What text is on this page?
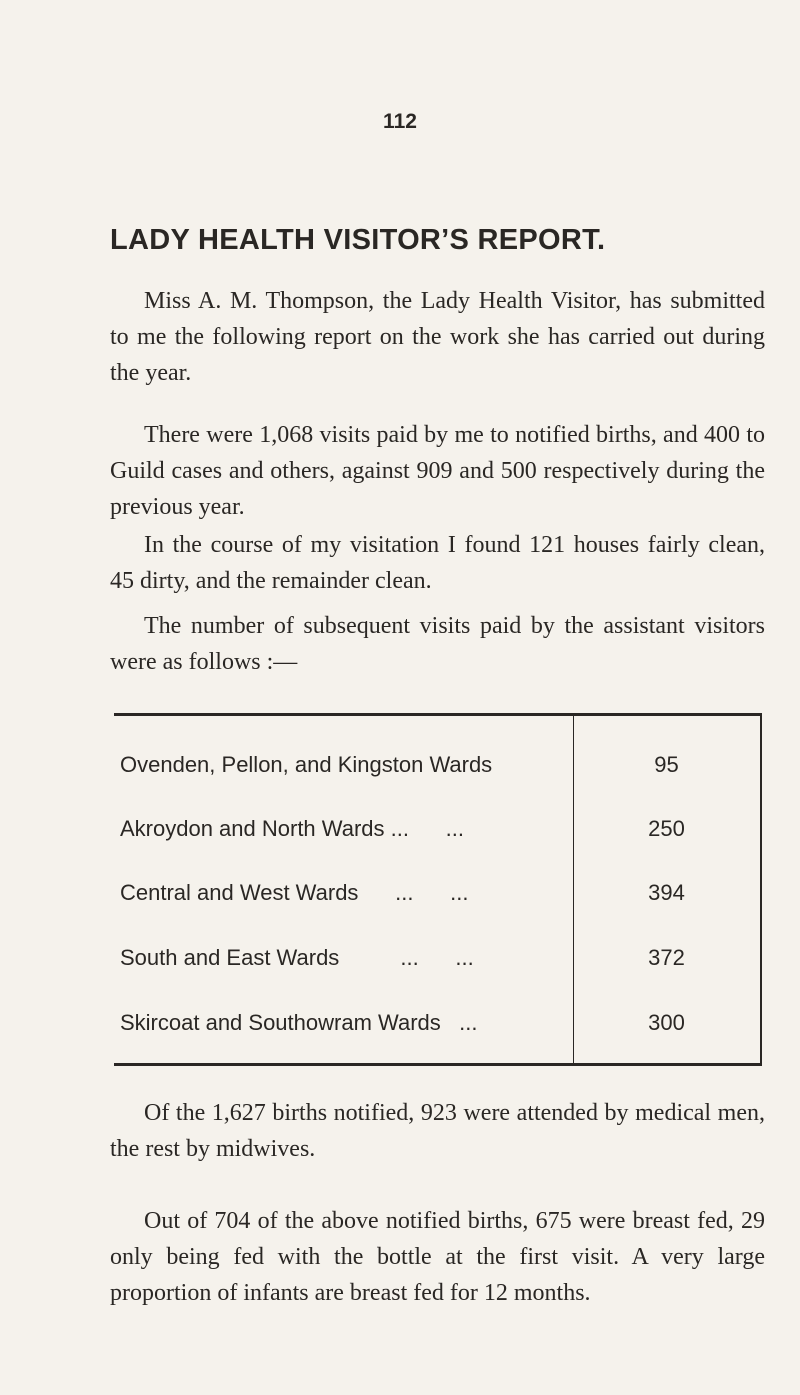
112
LADY HEALTH VISITOR’S REPORT.

Miss A. M. Thompson, the Lady Health Visitor, has submitted to me the following report on the work she has carried out during the year.

There were 1,068 visits paid by me to notified births, and 400 to Guild cases and others, against 909 and 500 respectively during the previous year.

In the course of my visitation I found 121 houses fairly clean, 45 dirty, and the remainder clean.

The number of subsequent visits paid by the assistant visitors were as follows :—

Ovenden, Pellon, and Kingston Wards	95
Akroydon and North Wards ...      ...	250
Central and West Wards      ...      ...	394
South and East Wards          ...      ...	372
Skircoat and Southowram Wards   ...	300

Of the 1,627 births notified, 923 were attended by medical men, the rest by midwives.

Out of 704 of the above notified births, 675 were breast fed, 29 only being fed with the bottle at the first visit. A very large proportion of infants are breast fed for 12 months.
